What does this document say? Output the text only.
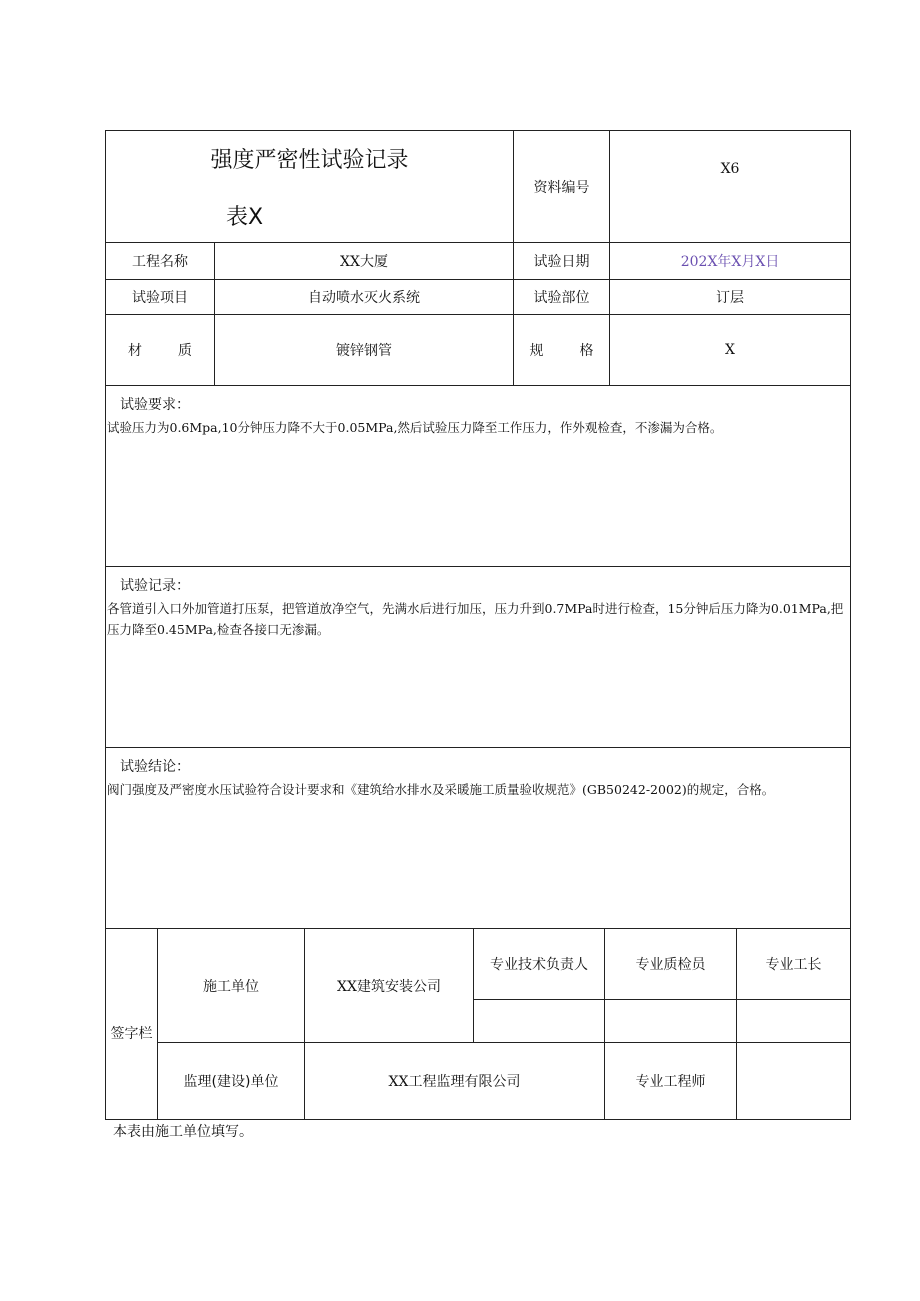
强度严密性试验记录
表X					资料编号		X6	
工程名称		XX大厦			试验日期		202X年X月X日	
试验项目		自动喷水灭火系统			试验部位		订层	
材 质		镀锌钢管			规 格		X	

试验要求：
试验压力为0.6Mpa,10分钟压力降不大于0.05MPa,然后试验压力降至工作压力，作外观检查，不渗漏为合格。								

试验记录：
各管道引入口外加管道打压泵，把管道放净空气，先满水后进行加压，压力升到0.7MPa时进行检查，15分钟后压力降为0.01MPa,把压力降至0.45MPa,检查各接口无渗漏。								

试验结论：
阀门强度及严密度水压试验符合设计要求和《建筑给水排水及采暖施工质量验收规范》(GB50242-2002)的规定，合格。								

签字栏	施工单位		XX建筑安装公司	专业技术负责人		专业质检员		专业工长

	监理(建设)单位		XX工程监理有限公司			专业工程师		
本表由施工单位填写。
